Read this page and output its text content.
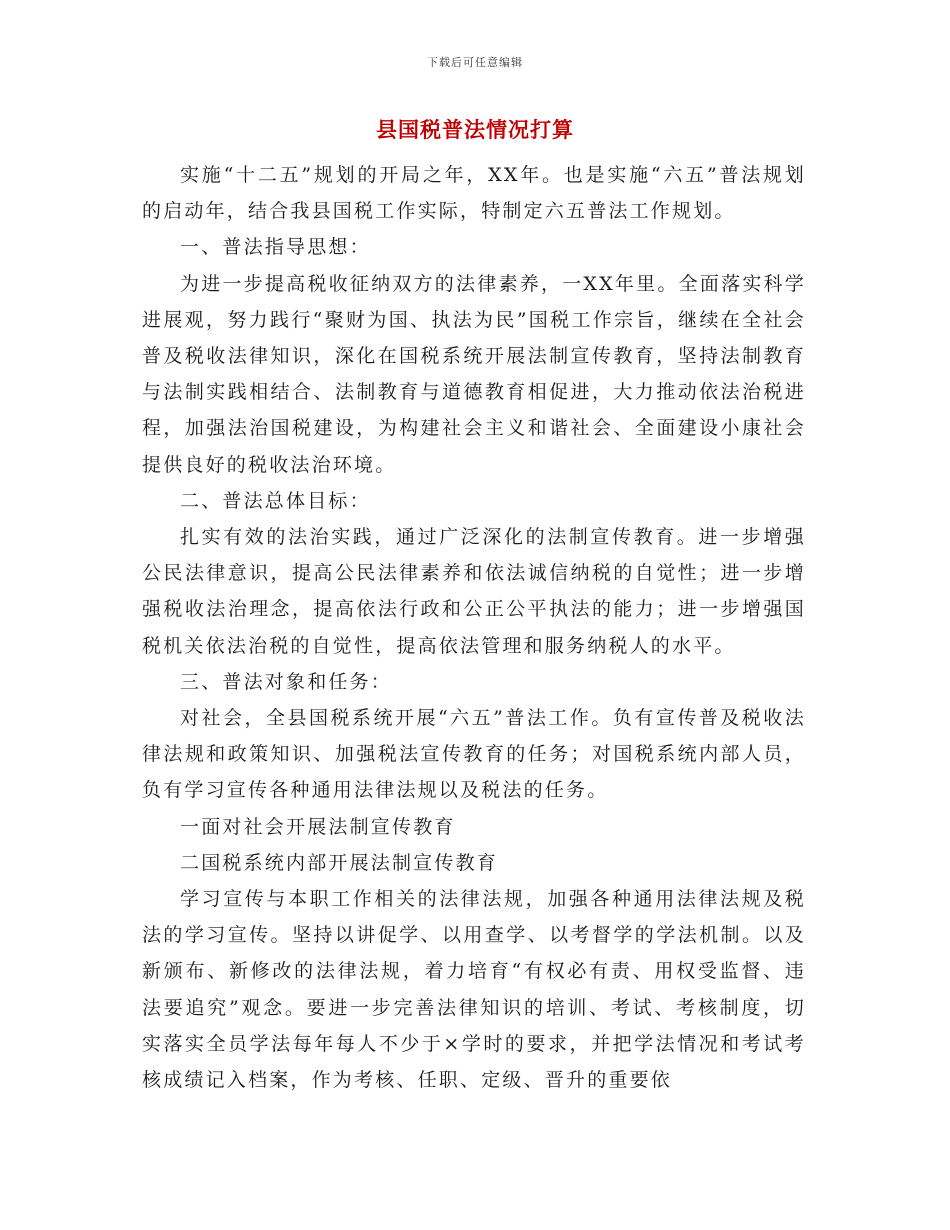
下载后可任意编辑
县国税普法情况打算

实施“十二五”规划的开局之年，XX年。也是实施“六五”普法规划的启动年，结合我县国税工作实际，特制定六五普法工作规划。

一、普法指导思想：

为进一步提高税收征纳双方的法律素养，一XX年里。全面落实科学进展观，努力践行“聚财为国、执法为民”国税工作宗旨，继续在全社会普及税收法律知识，深化在国税系统开展法制宣传教育，坚持法制教育与法制实践相结合、法制教育与道德教育相促进，大力推动依法治税进程，加强法治国税建设，为构建社会主义和谐社会、全面建设小康社会提供良好的税收法治环境。

二、普法总体目标：

扎实有效的法治实践，通过广泛深化的法制宣传教育。进一步增强公民法律意识，提高公民法律素养和依法诚信纳税的自觉性；进一步增强税收法治理念，提高依法行政和公正公平执法的能力；进一步增强国税机关依法治税的自觉性，提高依法管理和服务纳税人的水平。

三、普法对象和任务：

对社会，全县国税系统开展“六五”普法工作。负有宣传普及税收法律法规和政策知识、加强税法宣传教育的任务；对国税系统内部人员，负有学习宣传各种通用法律法规以及税法的任务。

一面对社会开展法制宣传教育

二国税系统内部开展法制宣传教育

学习宣传与本职工作相关的法律法规，加强各种通用法律法规及税法的学习宣传。坚持以讲促学、以用查学、以考督学的学法机制。以及新颁布、新修改的法律法规，着力培育“有权必有责、用权受监督、违法要追究”观念。要进一步完善法律知识的培训、考试、考核制度，切实落实全员学法每年每人不少于×学时的要求，并把学法情况和考试考核成绩记入档案，作为考核、任职、定级、晋升的重要依
